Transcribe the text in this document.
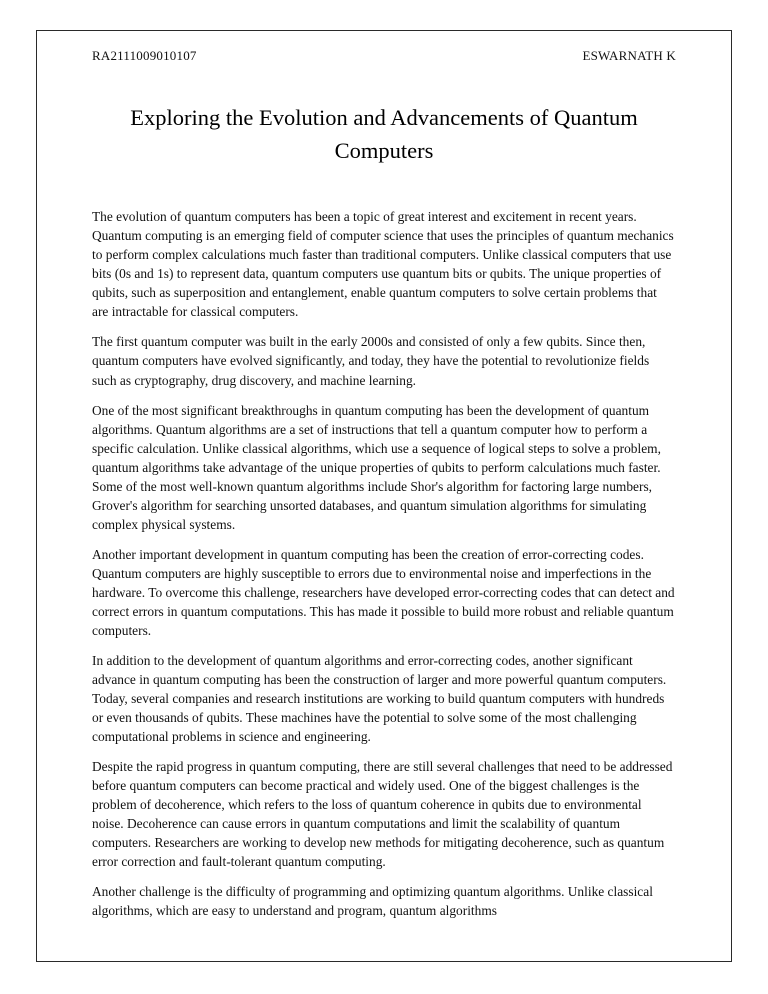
RA2111009010107	ESWARNATH K
Exploring the Evolution and Advancements of Quantum Computers

The evolution of quantum computers has been a topic of great interest and excitement in recent years. Quantum computing is an emerging field of computer science that uses the principles of quantum mechanics to perform complex calculations much faster than traditional computers. Unlike classical computers that use bits (0s and 1s) to represent data, quantum computers use quantum bits or qubits. The unique properties of qubits, such as superposition and entanglement, enable quantum computers to solve certain problems that are intractable for classical computers.

The first quantum computer was built in the early 2000s and consisted of only a few qubits. Since then, quantum computers have evolved significantly, and today, they have the potential to revolutionize fields such as cryptography, drug discovery, and machine learning.

One of the most significant breakthroughs in quantum computing has been the development of quantum algorithms. Quantum algorithms are a set of instructions that tell a quantum computer how to perform a specific calculation. Unlike classical algorithms, which use a sequence of logical steps to solve a problem, quantum algorithms take advantage of the unique properties of qubits to perform calculations much faster. Some of the most well-known quantum algorithms include Shor's algorithm for factoring large numbers, Grover's algorithm for searching unsorted databases, and quantum simulation algorithms for simulating complex physical systems.

Another important development in quantum computing has been the creation of error-correcting codes. Quantum computers are highly susceptible to errors due to environmental noise and imperfections in the hardware. To overcome this challenge, researchers have developed error-correcting codes that can detect and correct errors in quantum computations. This has made it possible to build more robust and reliable quantum computers.

In addition to the development of quantum algorithms and error-correcting codes, another significant advance in quantum computing has been the construction of larger and more powerful quantum computers. Today, several companies and research institutions are working to build quantum computers with hundreds or even thousands of qubits. These machines have the potential to solve some of the most challenging computational problems in science and engineering.

Despite the rapid progress in quantum computing, there are still several challenges that need to be addressed before quantum computers can become practical and widely used. One of the biggest challenges is the problem of decoherence, which refers to the loss of quantum coherence in qubits due to environmental noise. Decoherence can cause errors in quantum computations and limit the scalability of quantum computers. Researchers are working to develop new methods for mitigating decoherence, such as quantum error correction and fault-tolerant quantum computing.

Another challenge is the difficulty of programming and optimizing quantum algorithms. Unlike classical algorithms, which are easy to understand and program, quantum algorithms
